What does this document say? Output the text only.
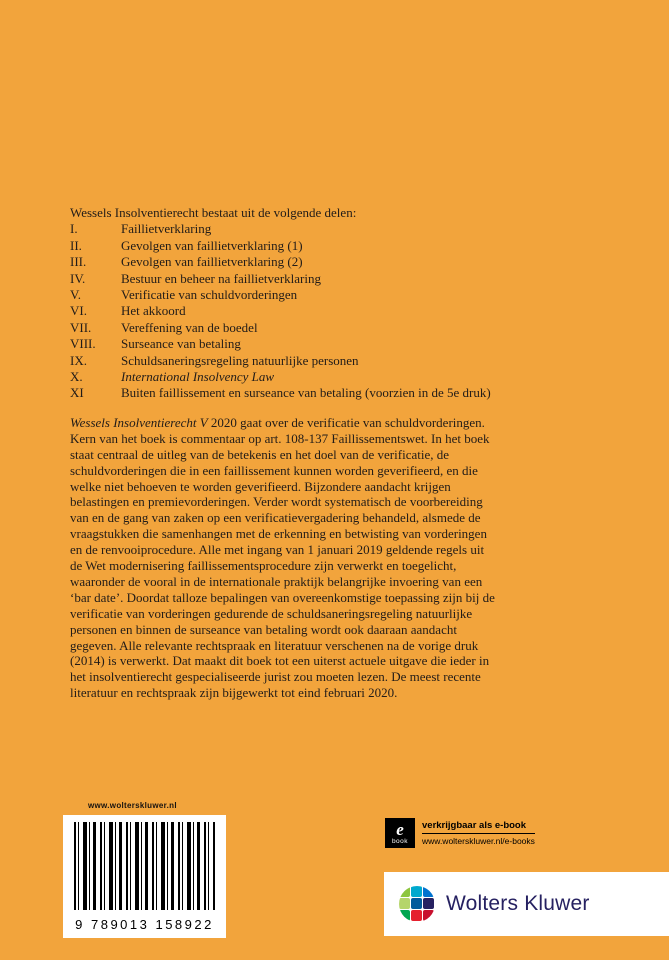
Wessels Insolventierecht bestaat uit de volgende delen:

I.	Faillietverklaring
II.	Gevolgen van faillietverklaring (1)
III.	Gevolgen van faillietverklaring (2)
IV.	Bestuur en beheer na faillietverklaring
V.	Verificatie van schuldvorderingen
VI.	Het akkoord
VII.	Vereffening van de boedel
VIII.	Surseance van betaling
IX.	Schuldsaneringsregeling natuurlijke personen
X.	International Insolvency Law
XI	Buiten faillissement en surseance van betaling (voorzien in de 5e druk)

Wessels Insolventierecht V 2020 gaat over de verificatie van schuldvorderingen. Kern van het boek is commentaar op art. 108-137 Faillissementswet. In het boek staat centraal de uitleg van de betekenis en het doel van de verificatie, de schuldvorderingen die in een faillissement kunnen worden geverifieerd, en die welke niet behoeven te worden geverifieerd. Bijzondere aandacht krijgen belastingen en premievorderingen. Verder wordt systematisch de voorbereiding van en de gang van zaken op een verificatievergadering behandeld, alsmede de vraagstukken die samenhangen met de erkenning en betwisting van vorderingen en de renvooiprocedure. Alle met ingang van 1 januari 2019 geldende regels uit de Wet modernisering faillissementsprocedure zijn verwerkt en toegelicht, waaronder de vooral in de internationale praktijk belangrijke invoering van een ‘bar date’. Doordat talloze bepalingen van overeenkomstige toepassing zijn bij de verificatie van vorderingen gedurende de schuldsaneringsregeling natuurlijke personen en binnen de surseance van betaling wordt ook daaraan aandacht gegeven. Alle relevante rechtspraak en literatuur verschenen na de vorige druk (2014) is verwerkt. Dat maakt dit boek tot een uiterst actuele uitgave die ieder in het insolventierecht gespecialiseerde jurist zou moeten lezen. De meest recente literatuur en rechtspraak zijn bijgewerkt tot eind februari 2020.

www.wolterskluwer.nl
9 789013 158922
e
book
verkrijgbaar als e-book
www.wolterskluwer.nl/e-books
Wolters Kluwer
